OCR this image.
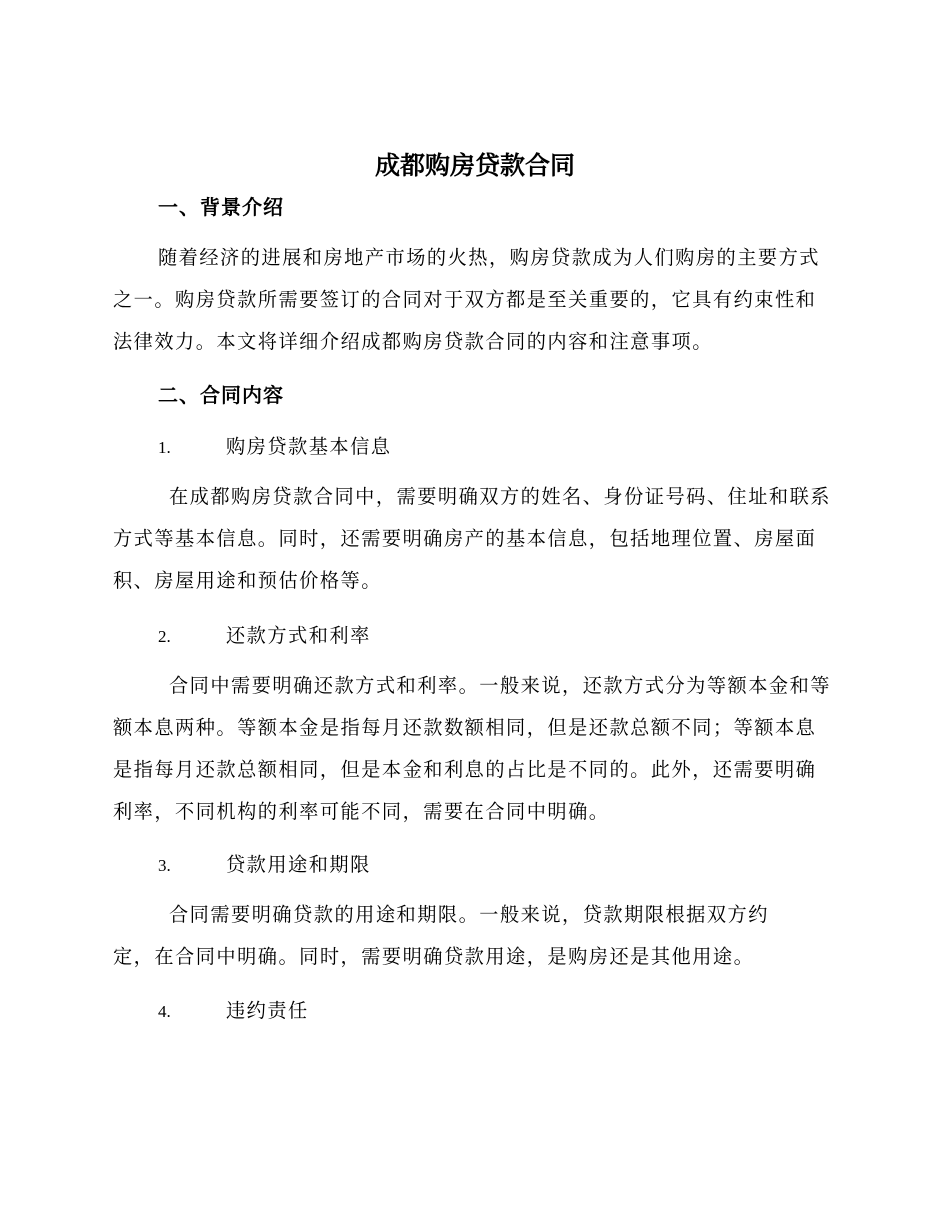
成都购房贷款合同
一、背景介绍

随着经济的进展和房地产市场的火热，购房贷款成为人们购房的主要方式之一。购房贷款所需要签订的合同对于双方都是至关重要的，它具有约束性和法律效力。本文将详细介绍成都购房贷款合同的内容和注意事项。

二、合同内容
1.	购房贷款基本信息

在成都购房贷款合同中，需要明确双方的姓名、身份证号码、住址和联系方式等基本信息。同时，还需要明确房产的基本信息，包括地理位置、房屋面积、房屋用途和预估价格等。

2.	还款方式和利率

合同中需要明确还款方式和利率。一般来说，还款方式分为等额本金和等额本息两种。等额本金是指每月还款数额相同，但是还款总额不同；等额本息是指每月还款总额相同，但是本金和利息的占比是不同的。此外，还需要明确利率，不同机构的利率可能不同，需要在合同中明确。

3.	贷款用途和期限

合同需要明确贷款的用途和期限。一般来说，贷款期限根据双方约定，在合同中明确。同时，需要明确贷款用途，是购房还是其他用途。

4.	违约责任
